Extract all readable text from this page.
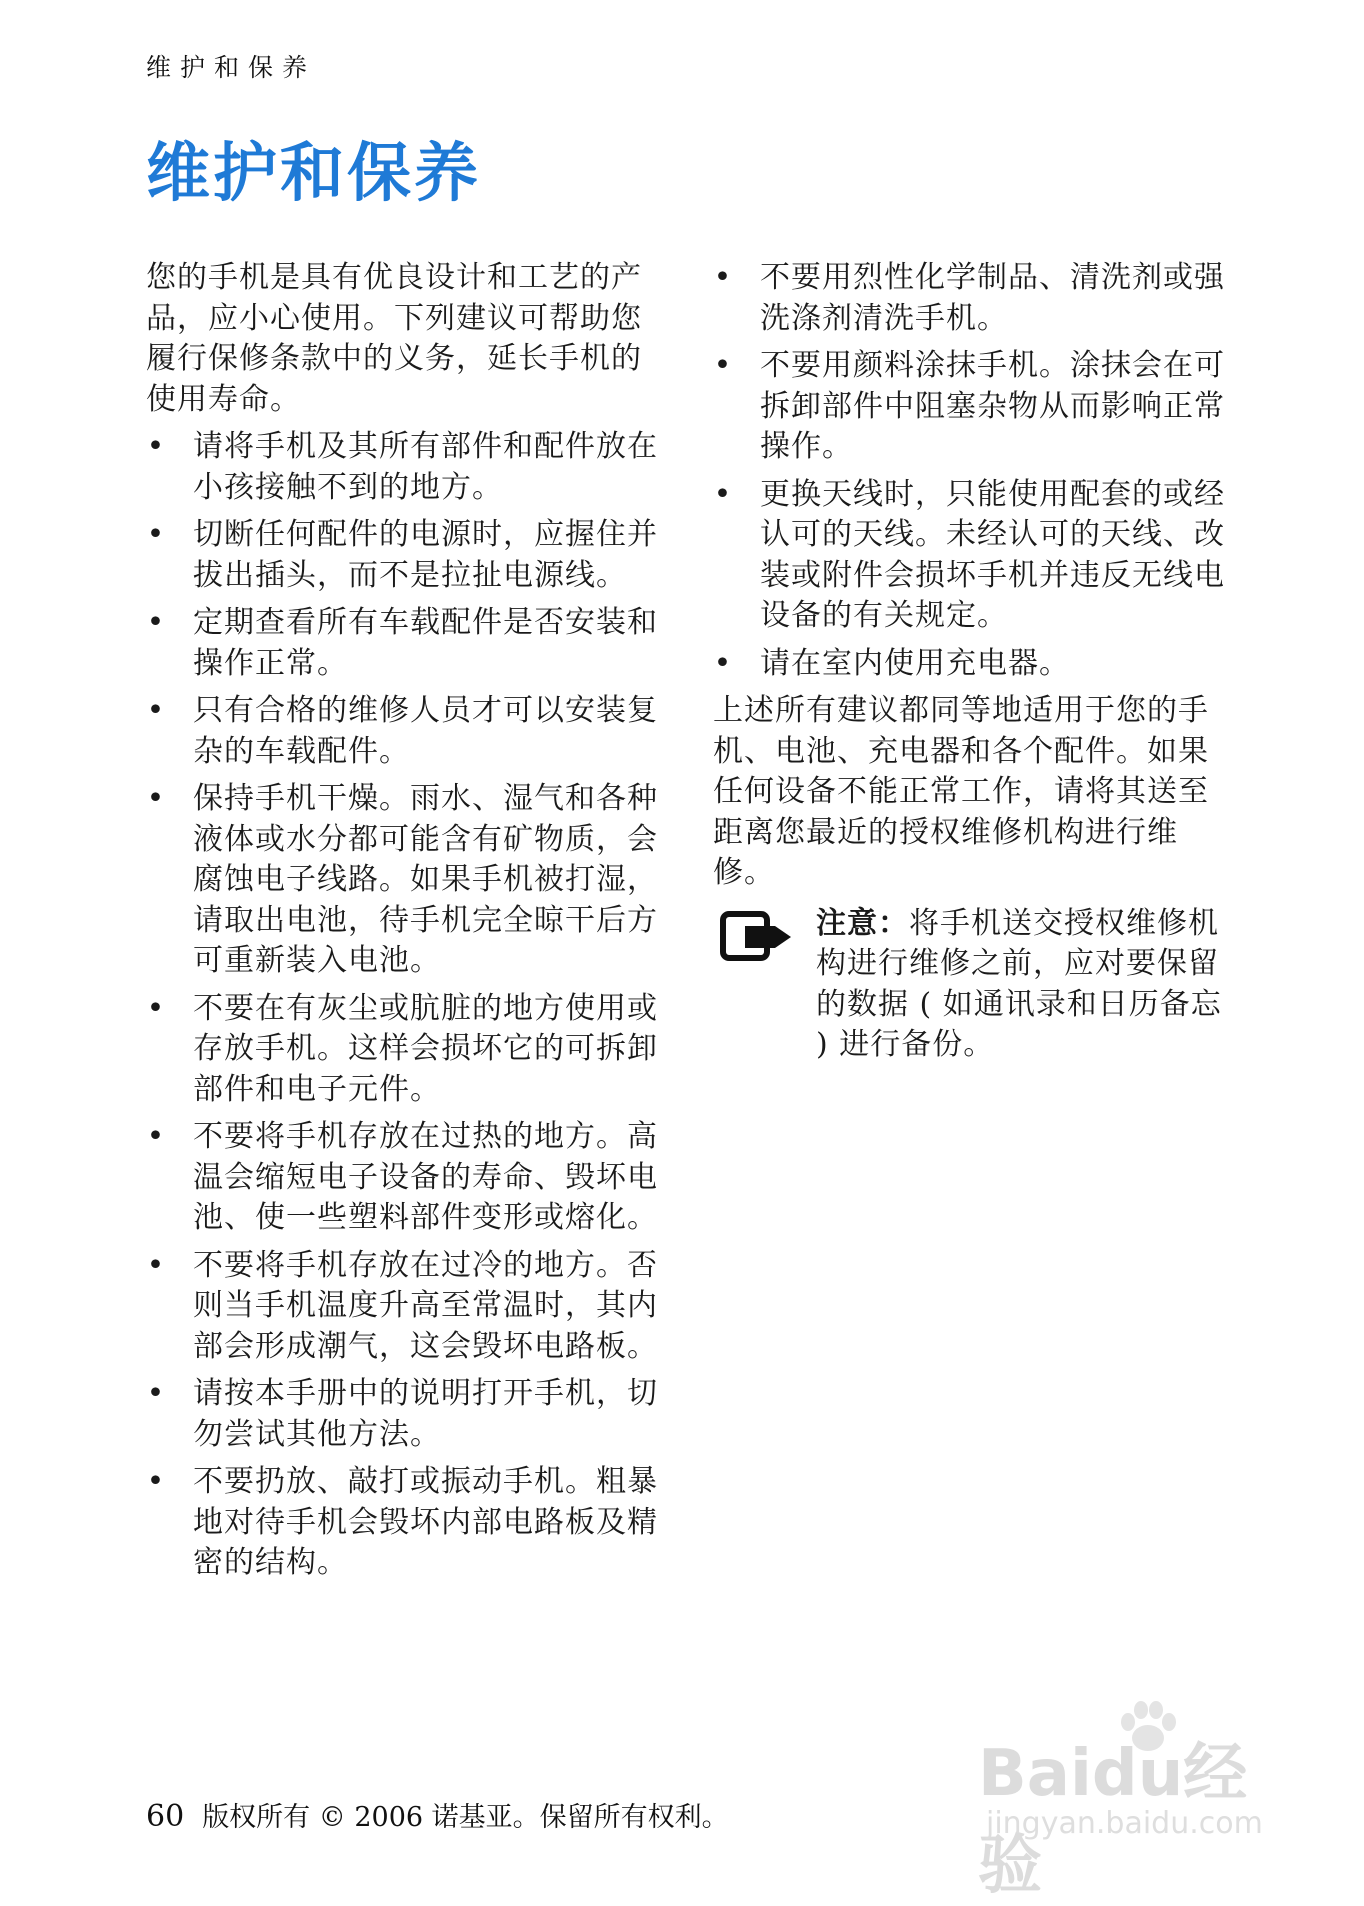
维护和保养
维护和保养

您的手机是具有优良设计和工艺的产品，应小心使用。下列建议可帮助您履行保修条款中的义务，延长手机的使用寿命。

• 请将手机及其所有部件和配件放在小孩接触不到的地方。
• 切断任何配件的电源时，应握住并拔出插头，而不是拉扯电源线。
• 定期查看所有车载配件是否安装和操作正常。
• 只有合格的维修人员才可以安装复杂的车载配件。
• 保持手机干燥。雨水、湿气和各种液体或水分都可能含有矿物质，会腐蚀电子线路。如果手机被打湿，请取出电池，待手机完全晾干后方可重新装入电池。
• 不要在有灰尘或肮脏的地方使用或存放手机。这样会损坏它的可拆卸部件和电子元件。
• 不要将手机存放在过热的地方。高温会缩短电子设备的寿命、毁坏电池、使一些塑料部件变形或熔化。
• 不要将手机存放在过冷的地方。否则当手机温度升高至常温时，其内部会形成潮气，这会毁坏电路板。
• 请按本手册中的说明打开手机，切勿尝试其他方法。
• 不要扔放、敲打或振动手机。粗暴地对待手机会毁坏内部电路板及精密的结构。
• 不要用烈性化学制品、清洗剂或强洗涤剂清洗手机。
• 不要用颜料涂抹手机。涂抹会在可拆卸部件中阻塞杂物从而影响正常操作。
• 更换天线时，只能使用配套的或经认可的天线。未经认可的天线、改装或附件会损坏手机并违反无线电设备的有关规定。
• 请在室内使用充电器。

上述所有建议都同等地适用于您的手机、电池、充电器和各个配件。如果任何设备不能正常工作，请将其送至距离您最近的授权维修机构进行维修。

注意：将手机送交授权维修机构进行维修之前，应对要保留的数据 ( 如通讯录和日历备忘 ) 进行备份。
60 版权所有 © 2006 诺基亚。保留所有权利。
Baidu经验
jingyan.baidu.com
